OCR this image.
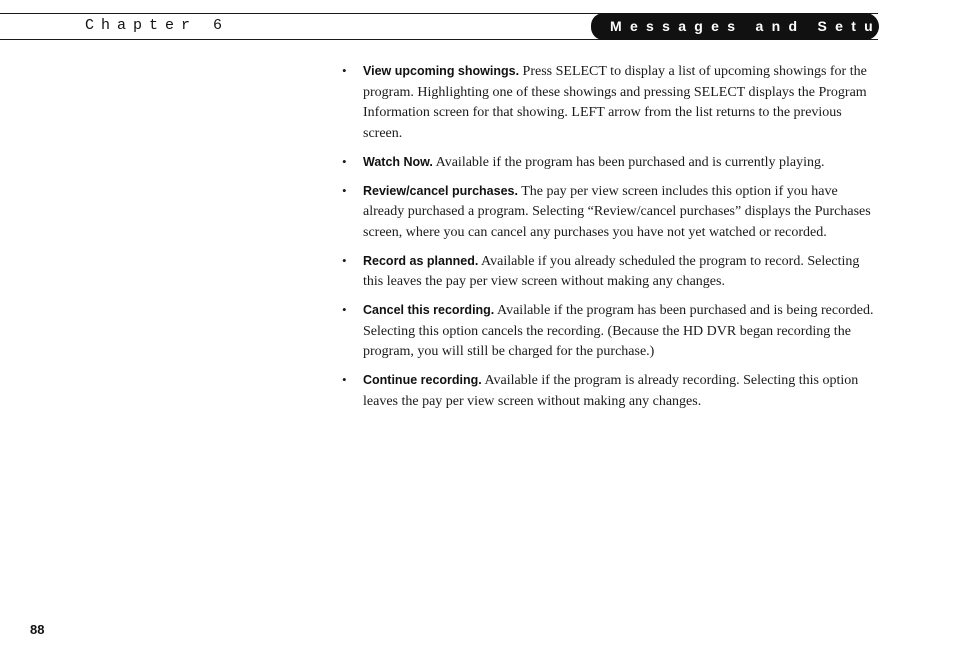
Chapter 6	Messages and Setup
• View upcoming showings. Press SELECT to display a list of upcoming showings for the program. Highlighting one of these showings and pressing SELECT displays the Program Information screen for that showing. LEFT arrow from the list returns to the previous screen.
• Watch Now. Available if the program has been purchased and is currently playing.
• Review/cancel purchases. The pay per view screen includes this option if you have already purchased a program. Selecting “Review/cancel purchases” displays the Purchases screen, where you can cancel any purchases you have not yet watched or recorded.
• Record as planned. Available if you already scheduled the program to record. Selecting this leaves the pay per view screen without making any changes.
• Cancel this recording. Available if the program has been purchased and is being recorded. Selecting this option cancels the recording. (Because the HD DVR began recording the program, you will still be charged for the purchase.)
• Continue recording. Available if the program is already recording. Selecting this option leaves the pay per view screen without making any changes.
88
